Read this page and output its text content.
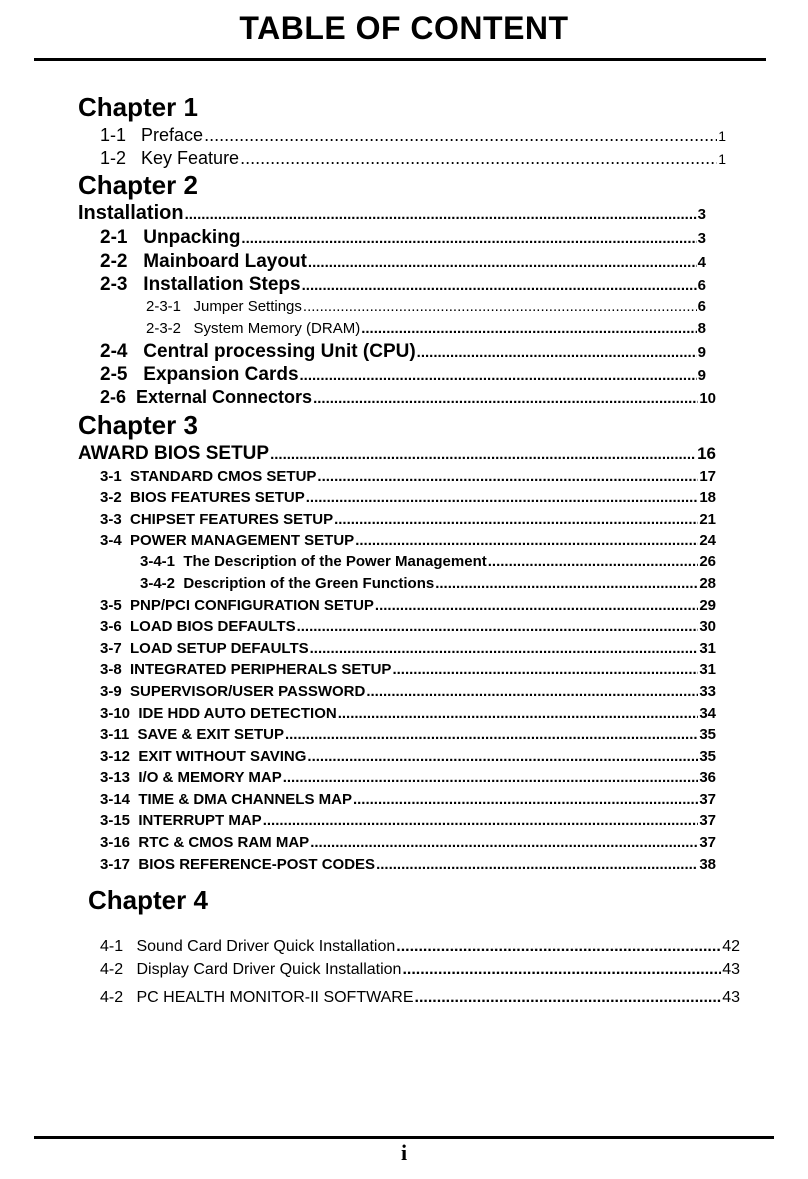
TABLE OF CONTENT
Chapter 1
1-1   Preface .....	1
1-2   Key Feature .....	1
Chapter 2
Installation .....	3
2-1   Unpacking .....	3
2-2   Mainboard Layout .....	4
2-3   Installation Steps .....	6
2-3-1   Jumper Settings .....	6
2-3-2   System Memory (DRAM) .....	8
2-4   Central processing Unit (CPU) .....	9
2-5   Expansion Cards .....	9
2-6  External Connectors .....	10
Chapter 3
AWARD BIOS SETUP .....	16
3-1  STANDARD CMOS SETUP .....	17
3-2  BIOS FEATURES SETUP .....	18
3-3  CHIPSET FEATURES SETUP .....	21
3-4  POWER MANAGEMENT SETUP .....	24
3-4-1  The Description of the Power Management .....	26
3-4-2  Description of the Green Functions .....	28
3-5  PNP/PCI CONFIGURATION SETUP .....	29
3-6  LOAD BIOS DEFAULTS .....	30
3-7  LOAD SETUP DEFAULTS .....	31
3-8  INTEGRATED PERIPHERALS SETUP .....	31
3-9  SUPERVISOR/USER PASSWORD .....	33
3-10  IDE HDD AUTO DETECTION .....	34
3-11  SAVE & EXIT SETUP .....	35
3-12  EXIT WITHOUT SAVING .....	35
3-13  I/O & MEMORY MAP .....	36
3-14  TIME & DMA CHANNELS MAP .....	37
3-15  INTERRUPT MAP .....	37
3-16  RTC & CMOS RAM MAP .....	37
3-17  BIOS REFERENCE-POST CODES .....	38
Chapter 4
4-1   Sound Card Driver Quick Installation .....	42
4-2   Display Card Driver Quick Installation .....	43
4-2   PC HEALTH MONITOR-II SOFTWARE .....	43
i
